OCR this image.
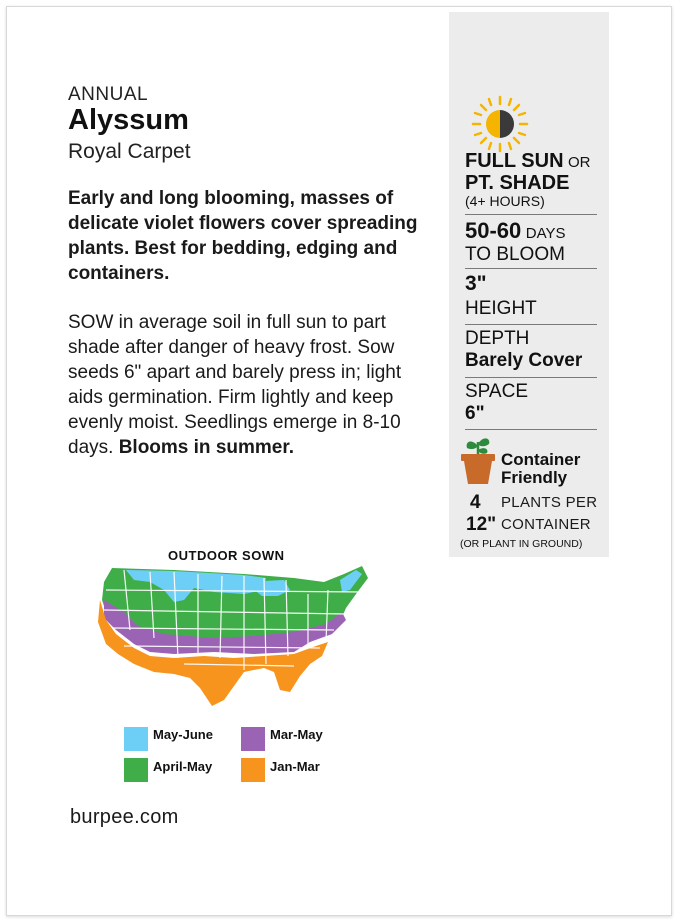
ANNUAL
Alyssum
Royal Carpet
Early and long blooming, masses of delicate violet flowers cover spreading plants. Best for bedding, edging and containers.
SOW in average soil in full sun to part shade after danger of heavy frost. Sow seeds 6" apart and barely press in; light aids germination. Firm lightly and keep evenly moist. Seedlings emerge in 8-10 days. Blooms in summer.
FULL SUN OR
PT. SHADE
(4+ HOURS)
50-60 DAYS
TO BLOOM
3"
HEIGHT
DEPTH
Barely Cover
SPACE
6"
Container
Friendly
4	PLANTS PER
12" CONTAINER
(OR PLANT IN GROUND)
OUTDOOR SOWN
May-June	Mar-May
April-May	Jan-Mar
burpee.com
